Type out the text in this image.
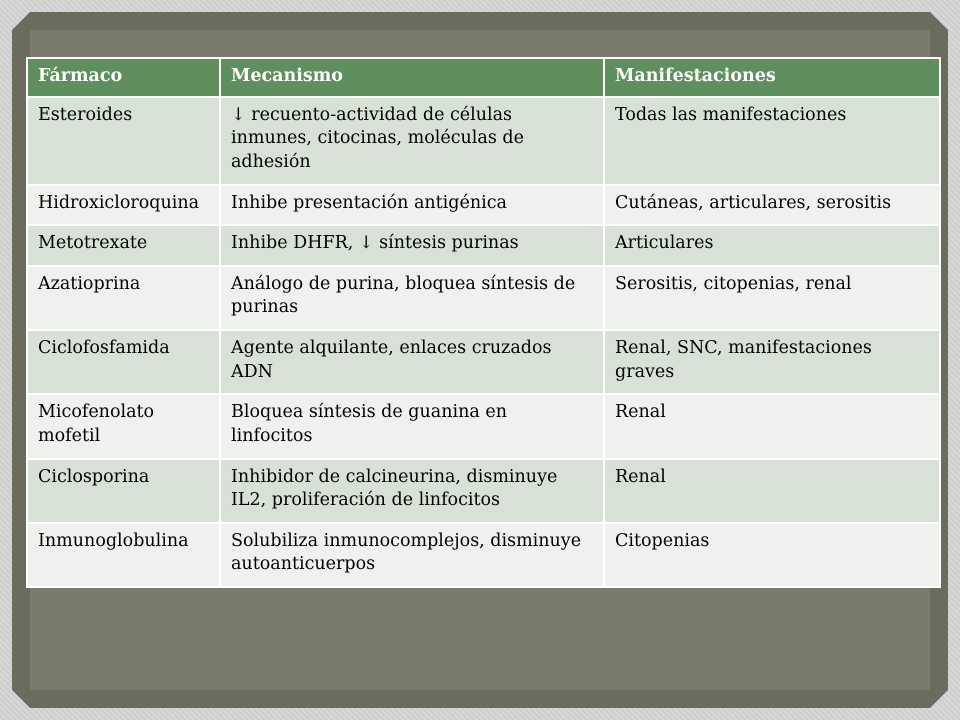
Fármaco	Mecanismo	Manifestaciones
Esteroides	↓ recuento-actividad de células inmunes, citocinas, moléculas de adhesión	Todas las manifestaciones
Hidroxicloroquina	Inhibe presentación antigénica	Cutáneas, articulares, serositis
Metotrexate	Inhibe DHFR, ↓ síntesis purinas	Articulares
Azatioprina	Análogo de purina, bloquea síntesis de purinas	Serositis, citopenias, renal
Ciclofosfamida	Agente alquilante, enlaces cruzados ADN	Renal, SNC, manifestaciones graves
Micofenolato mofetil	Bloquea síntesis de guanina en linfocitos	Renal
Ciclosporina	Inhibidor de calcineurina, disminuye IL2, proliferación de linfocitos	Renal
Inmunoglobulina	Solubiliza inmunocomplejos, disminuye autoanticuerpos	Citopenias
